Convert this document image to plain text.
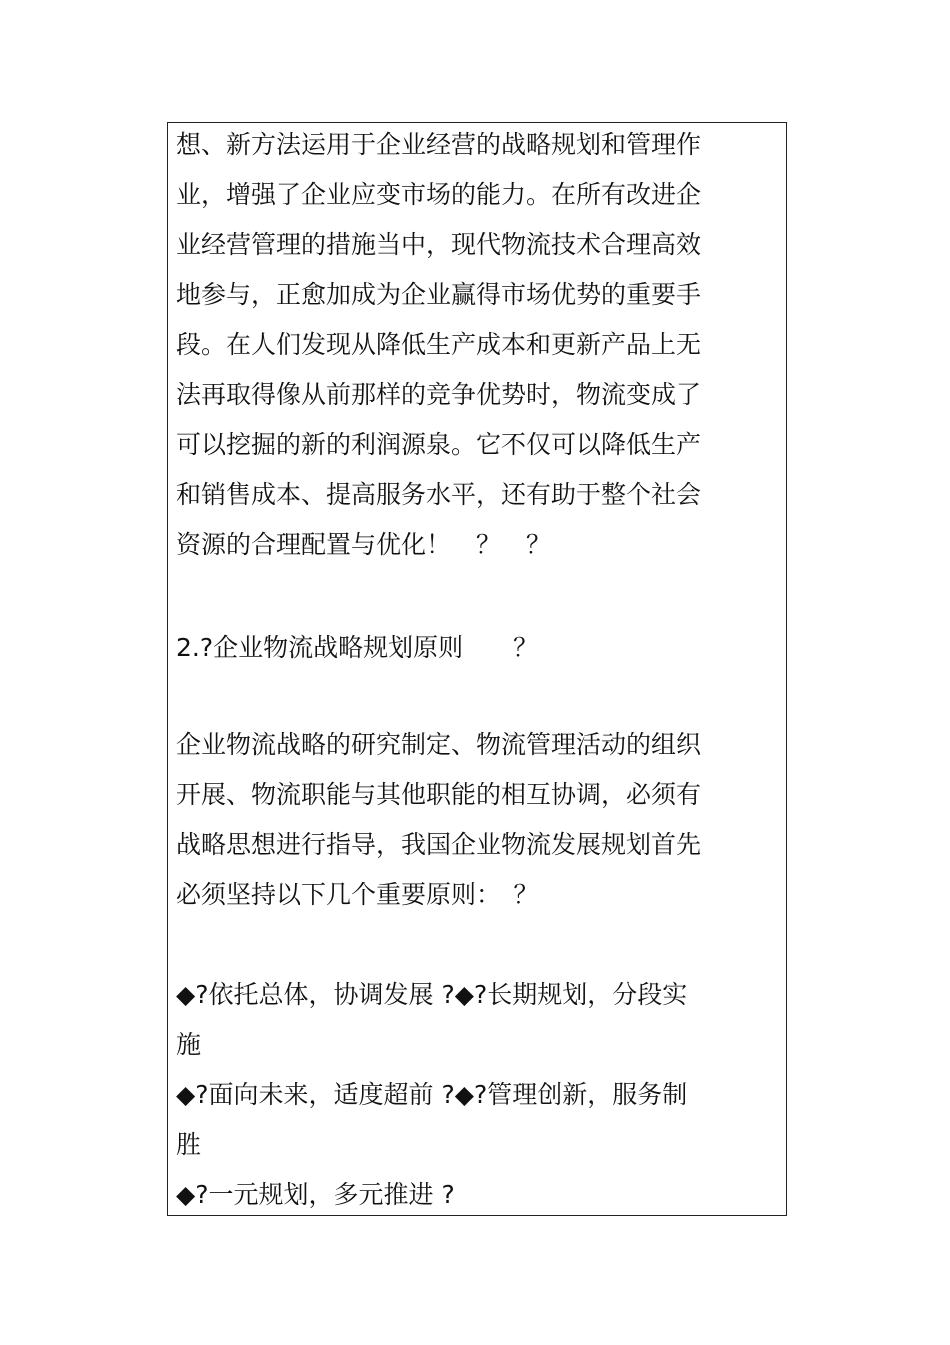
想、新方法运用于企业经营的战略规划和管理作
业，增强了企业应变市场的能力。在所有改进企
业经营管理的措施当中，现代物流技术合理高效
地参与，正愈加成为企业赢得市场优势的重要手
段。在人们发现从降低生产成本和更新产品上无
法再取得像从前那样的竞争优势时，物流变成了
可以挖掘的新的利润源泉。它不仅可以降低生产
和销售成本、提高服务水平，还有助于整个社会
资源的合理配置与优化！　？　？
2.?企业物流战略规划原则　　？
企业物流战略的研究制定、物流管理活动的组织
开展、物流职能与其他职能的相互协调，必须有
战略思想进行指导，我国企业物流发展规划首先
必须坚持以下几个重要原则：　？
◆?依托总体，协调发展 ?◆?长期规划，分段实
施
◆?面向未来，适度超前 ?◆?管理创新，服务制
胜
◆?一元规划，多元推进 ?
